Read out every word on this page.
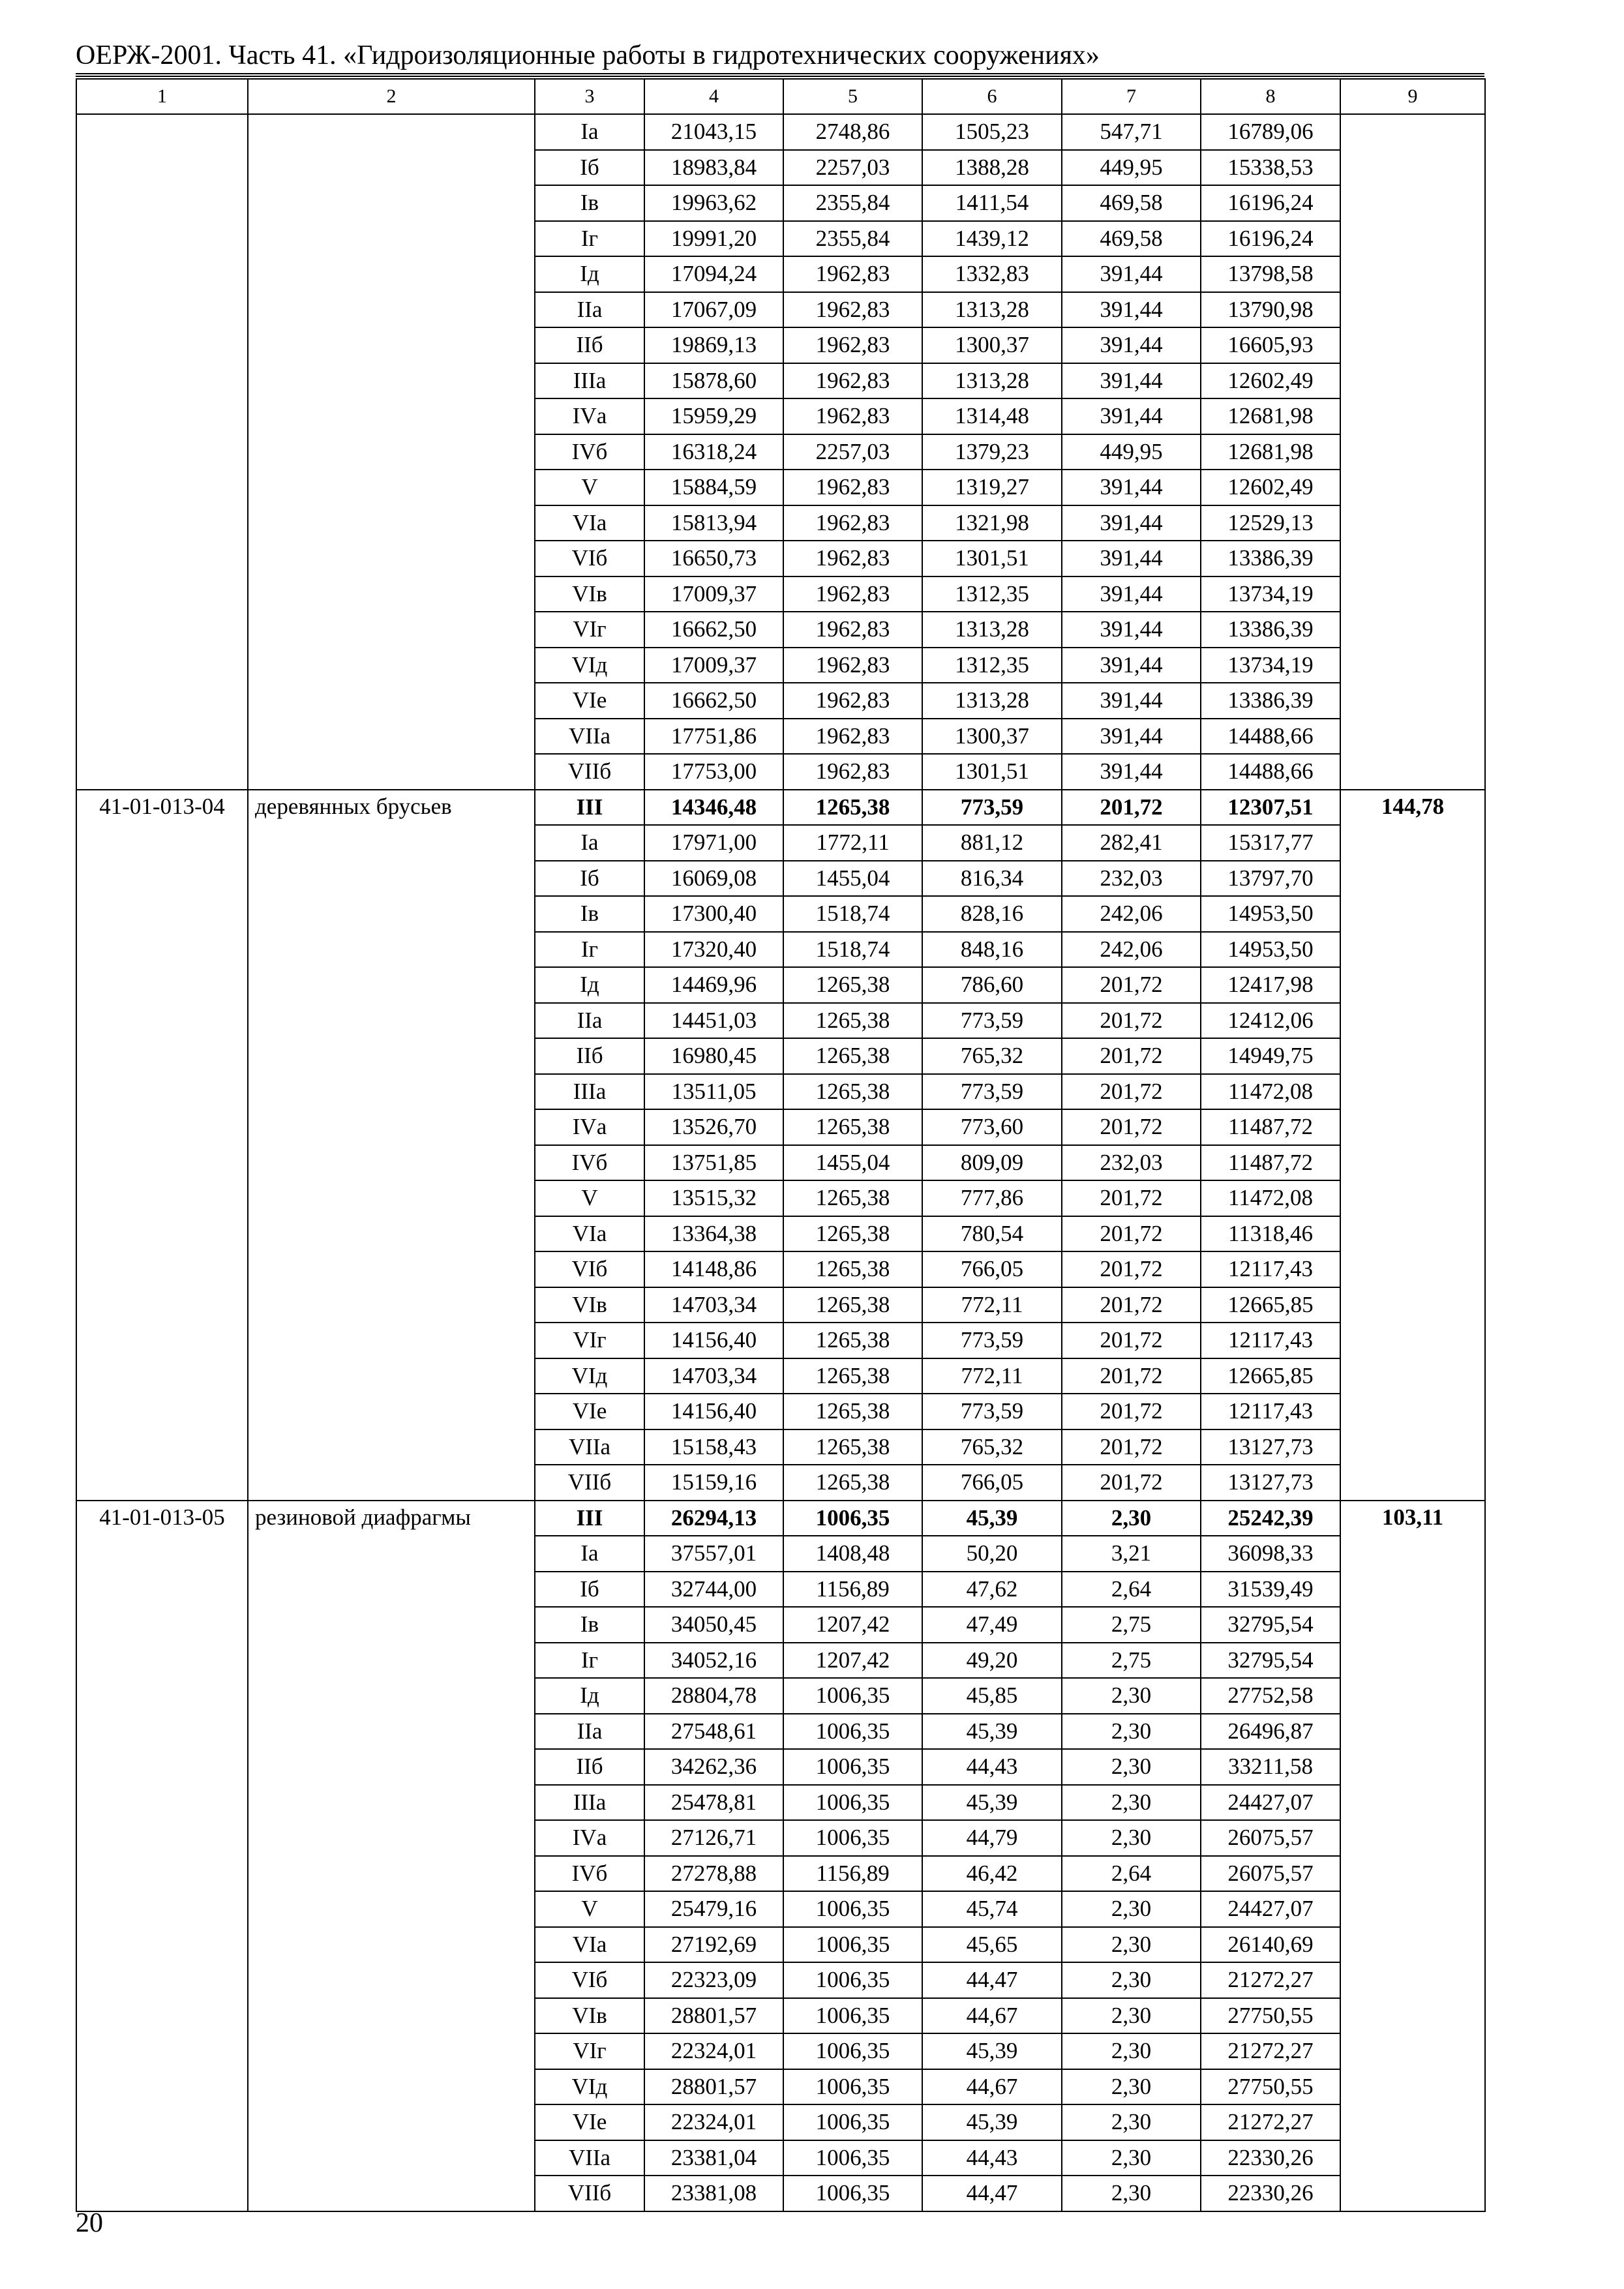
ОЕРЖ-2001. Часть 41. «Гидроизоляционные работы в гидротехнических сооружениях»
1	2	3	4	5	6	7	8	9
		Iа	21043,15	2748,86	1505,23	547,71	16789,06	
		Iб	18983,84	2257,03	1388,28	449,95	15338,53	
		Iв	19963,62	2355,84	1411,54	469,58	16196,24	
		Iг	19991,20	2355,84	1439,12	469,58	16196,24	
		Iд	17094,24	1962,83	1332,83	391,44	13798,58	
		IIа	17067,09	1962,83	1313,28	391,44	13790,98	
		IIб	19869,13	1962,83	1300,37	391,44	16605,93	
		IIIа	15878,60	1962,83	1313,28	391,44	12602,49	
		IVа	15959,29	1962,83	1314,48	391,44	12681,98	
		IVб	16318,24	2257,03	1379,23	449,95	12681,98	
		V	15884,59	1962,83	1319,27	391,44	12602,49	
		VIа	15813,94	1962,83	1321,98	391,44	12529,13	
		VIб	16650,73	1962,83	1301,51	391,44	13386,39	
		VIв	17009,37	1962,83	1312,35	391,44	13734,19	
		VIг	16662,50	1962,83	1313,28	391,44	13386,39	
		VIд	17009,37	1962,83	1312,35	391,44	13734,19	
		VIе	16662,50	1962,83	1313,28	391,44	13386,39	
		VIIа	17751,86	1962,83	1300,37	391,44	14488,66	
		VIIб	17753,00	1962,83	1301,51	391,44	14488,66	
41-01-013-04	деревянных брусьев	III	14346,48	1265,38	773,59	201,72	12307,51	144,78
		Iа	17971,00	1772,11	881,12	282,41	15317,77	
		Iб	16069,08	1455,04	816,34	232,03	13797,70	
		Iв	17300,40	1518,74	828,16	242,06	14953,50	
		Iг	17320,40	1518,74	848,16	242,06	14953,50	
		Iд	14469,96	1265,38	786,60	201,72	12417,98	
		IIа	14451,03	1265,38	773,59	201,72	12412,06	
		IIб	16980,45	1265,38	765,32	201,72	14949,75	
		IIIа	13511,05	1265,38	773,59	201,72	11472,08	
		IVа	13526,70	1265,38	773,60	201,72	11487,72	
		IVб	13751,85	1455,04	809,09	232,03	11487,72	
		V	13515,32	1265,38	777,86	201,72	11472,08	
		VIа	13364,38	1265,38	780,54	201,72	11318,46	
		VIб	14148,86	1265,38	766,05	201,72	12117,43	
		VIв	14703,34	1265,38	772,11	201,72	12665,85	
		VIг	14156,40	1265,38	773,59	201,72	12117,43	
		VIд	14703,34	1265,38	772,11	201,72	12665,85	
		VIе	14156,40	1265,38	773,59	201,72	12117,43	
		VIIа	15158,43	1265,38	765,32	201,72	13127,73	
		VIIб	15159,16	1265,38	766,05	201,72	13127,73	
41-01-013-05	резиновой диафрагмы	III	26294,13	1006,35	45,39	2,30	25242,39	103,11
		Iа	37557,01	1408,48	50,20	3,21	36098,33	
		Iб	32744,00	1156,89	47,62	2,64	31539,49	
		Iв	34050,45	1207,42	47,49	2,75	32795,54	
		Iг	34052,16	1207,42	49,20	2,75	32795,54	
		Iд	28804,78	1006,35	45,85	2,30	27752,58	
		IIа	27548,61	1006,35	45,39	2,30	26496,87	
		IIб	34262,36	1006,35	44,43	2,30	33211,58	
		IIIа	25478,81	1006,35	45,39	2,30	24427,07	
		IVа	27126,71	1006,35	44,79	2,30	26075,57	
		IVб	27278,88	1156,89	46,42	2,64	26075,57	
		V	25479,16	1006,35	45,74	2,30	24427,07	
		VIа	27192,69	1006,35	45,65	2,30	26140,69	
		VIб	22323,09	1006,35	44,47	2,30	21272,27	
		VIв	28801,57	1006,35	44,67	2,30	27750,55	
		VIг	22324,01	1006,35	45,39	2,30	21272,27	
		VIд	28801,57	1006,35	44,67	2,30	27750,55	
		VIе	22324,01	1006,35	45,39	2,30	21272,27	
		VIIа	23381,04	1006,35	44,43	2,30	22330,26	
		VIIб	23381,08	1006,35	44,47	2,30	22330,26	
20
